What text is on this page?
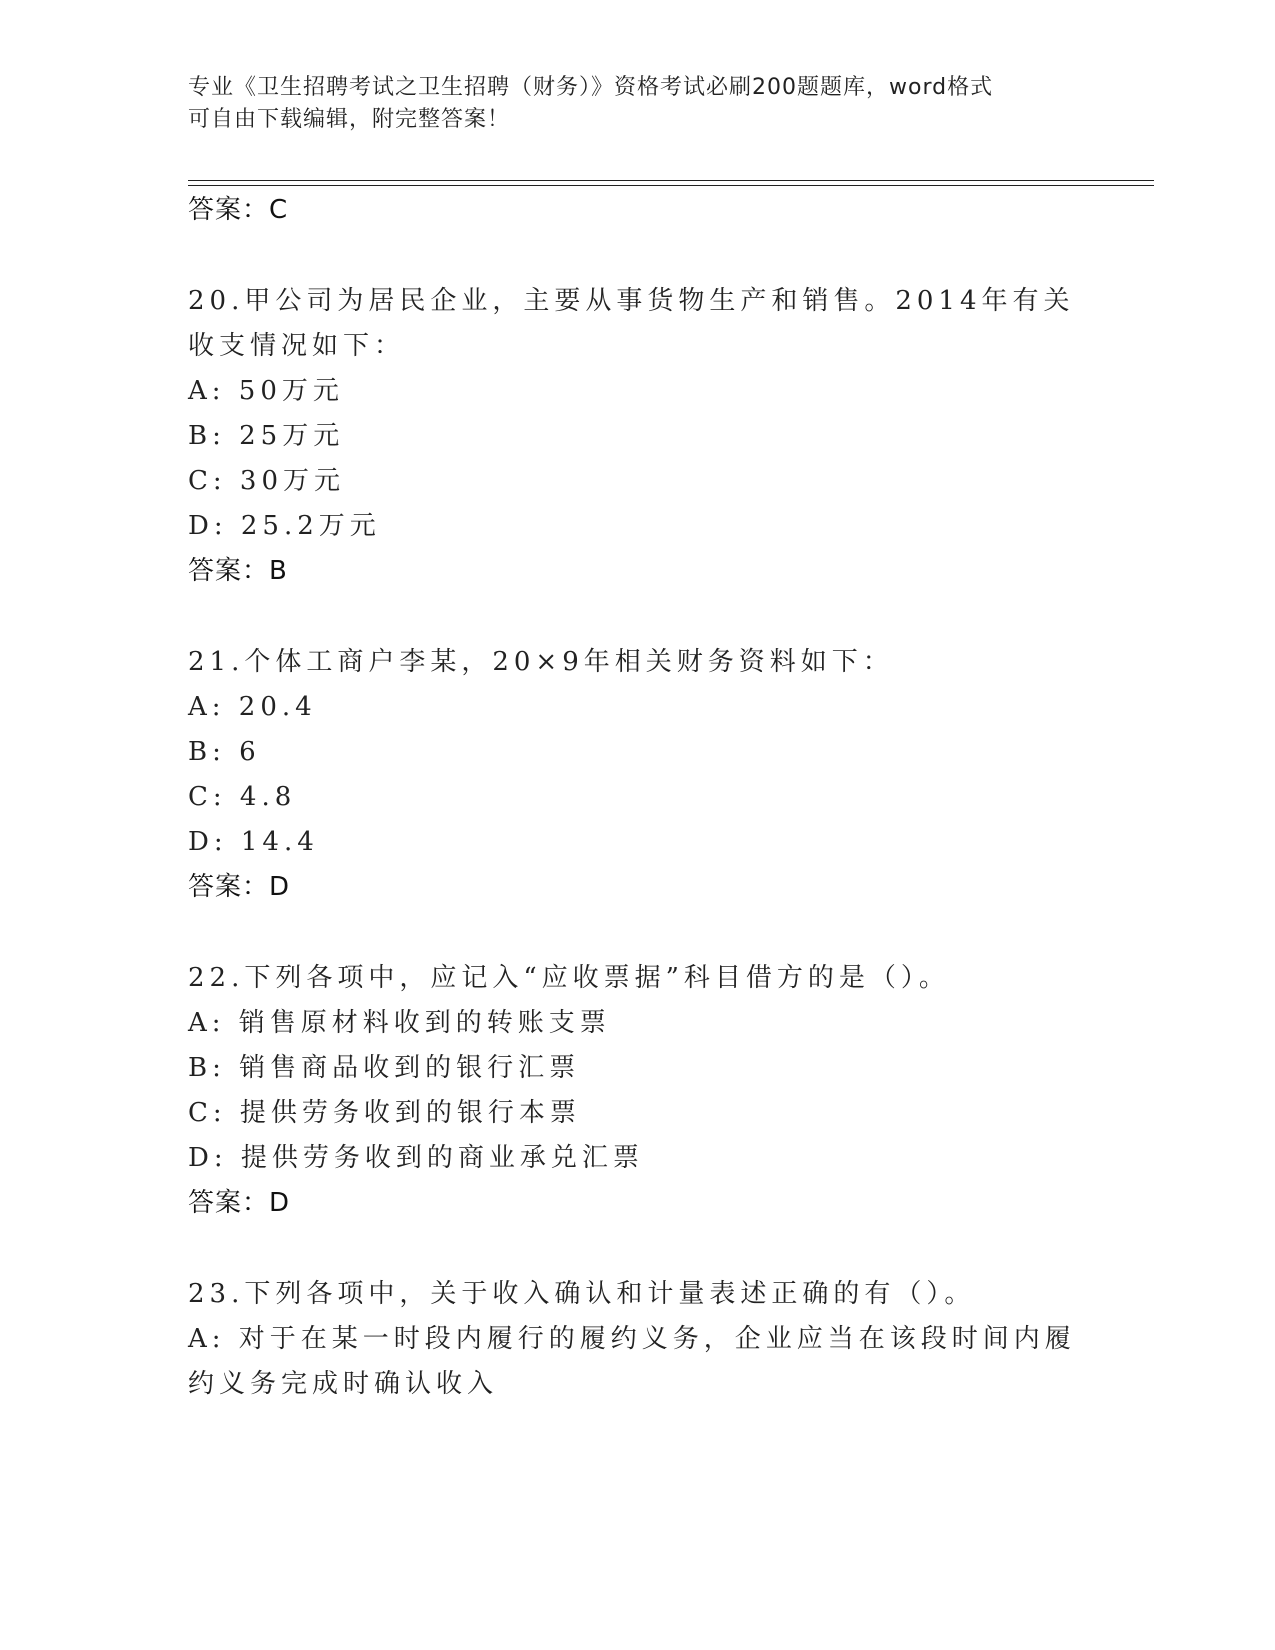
专业《卫生招聘考试之卫生招聘（财务）》资格考试必刷200题题库，word格式
可自由下载编辑，附完整答案！
答案：C
20.甲公司为居民企业，主要从事货物生产和销售。2014年有关收支情况如下：
A: 50万元
B: 25万元
C: 30万元
D: 25.2万元
答案：B
21.个体工商户李某，20×9年相关财务资料如下：
A: 20.4
B: 6
C: 4.8
D: 14.4
答案：D
22.下列各项中，应记入“应收票据”科目借方的是（）。
A: 销售原材料收到的转账支票
B: 销售商品收到的银行汇票
C: 提供劳务收到的银行本票
D: 提供劳务收到的商业承兑汇票
答案：D
23.下列各项中，关于收入确认和计量表述正确的有（）。
A: 对于在某一时段内履行的履约义务，企业应当在该段时间内履约义务完成时确认收入
